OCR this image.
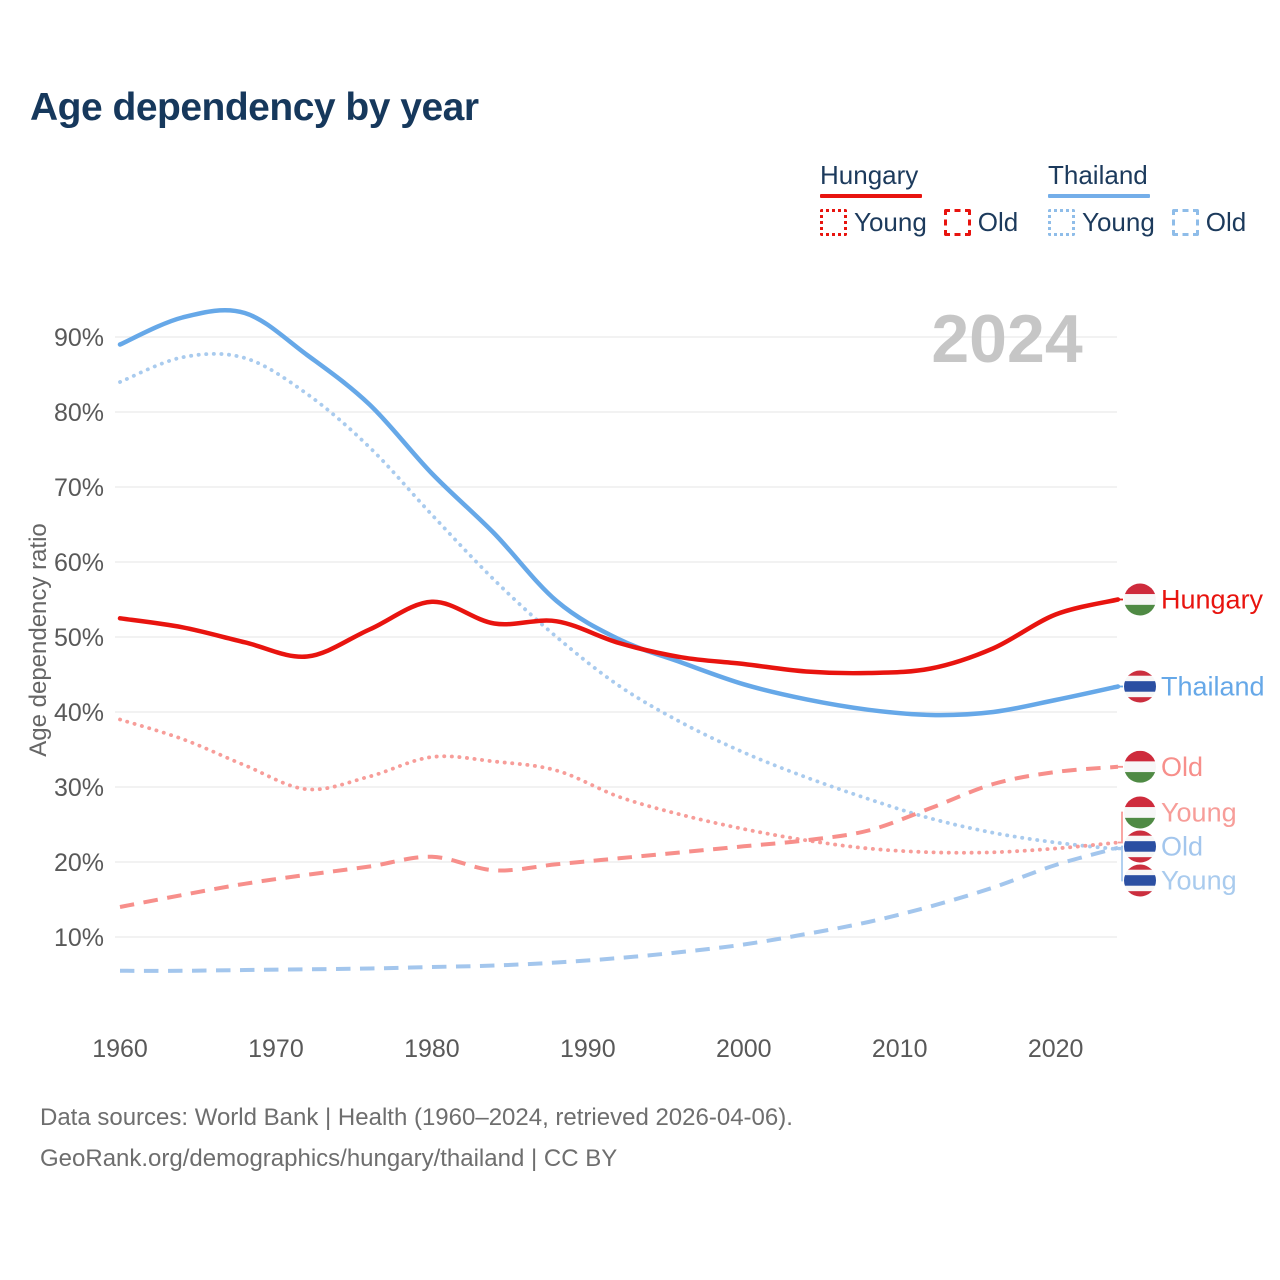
Age dependency by year
Hungary
Young Old
Thailand
Young Old
2024
10%
20%
30%
40%
50%
60%
70%
80%
90%
1960	1970	1980	1990	2000	2010	2020
Age dependency ratio	Hungary
Thailand
Old
Young
Old
Young
Data sources: World Bank | Health (1960–2024, retrieved 2026-04-06).
GeoRank.org/demographics/hungary/thailand | CC BY
